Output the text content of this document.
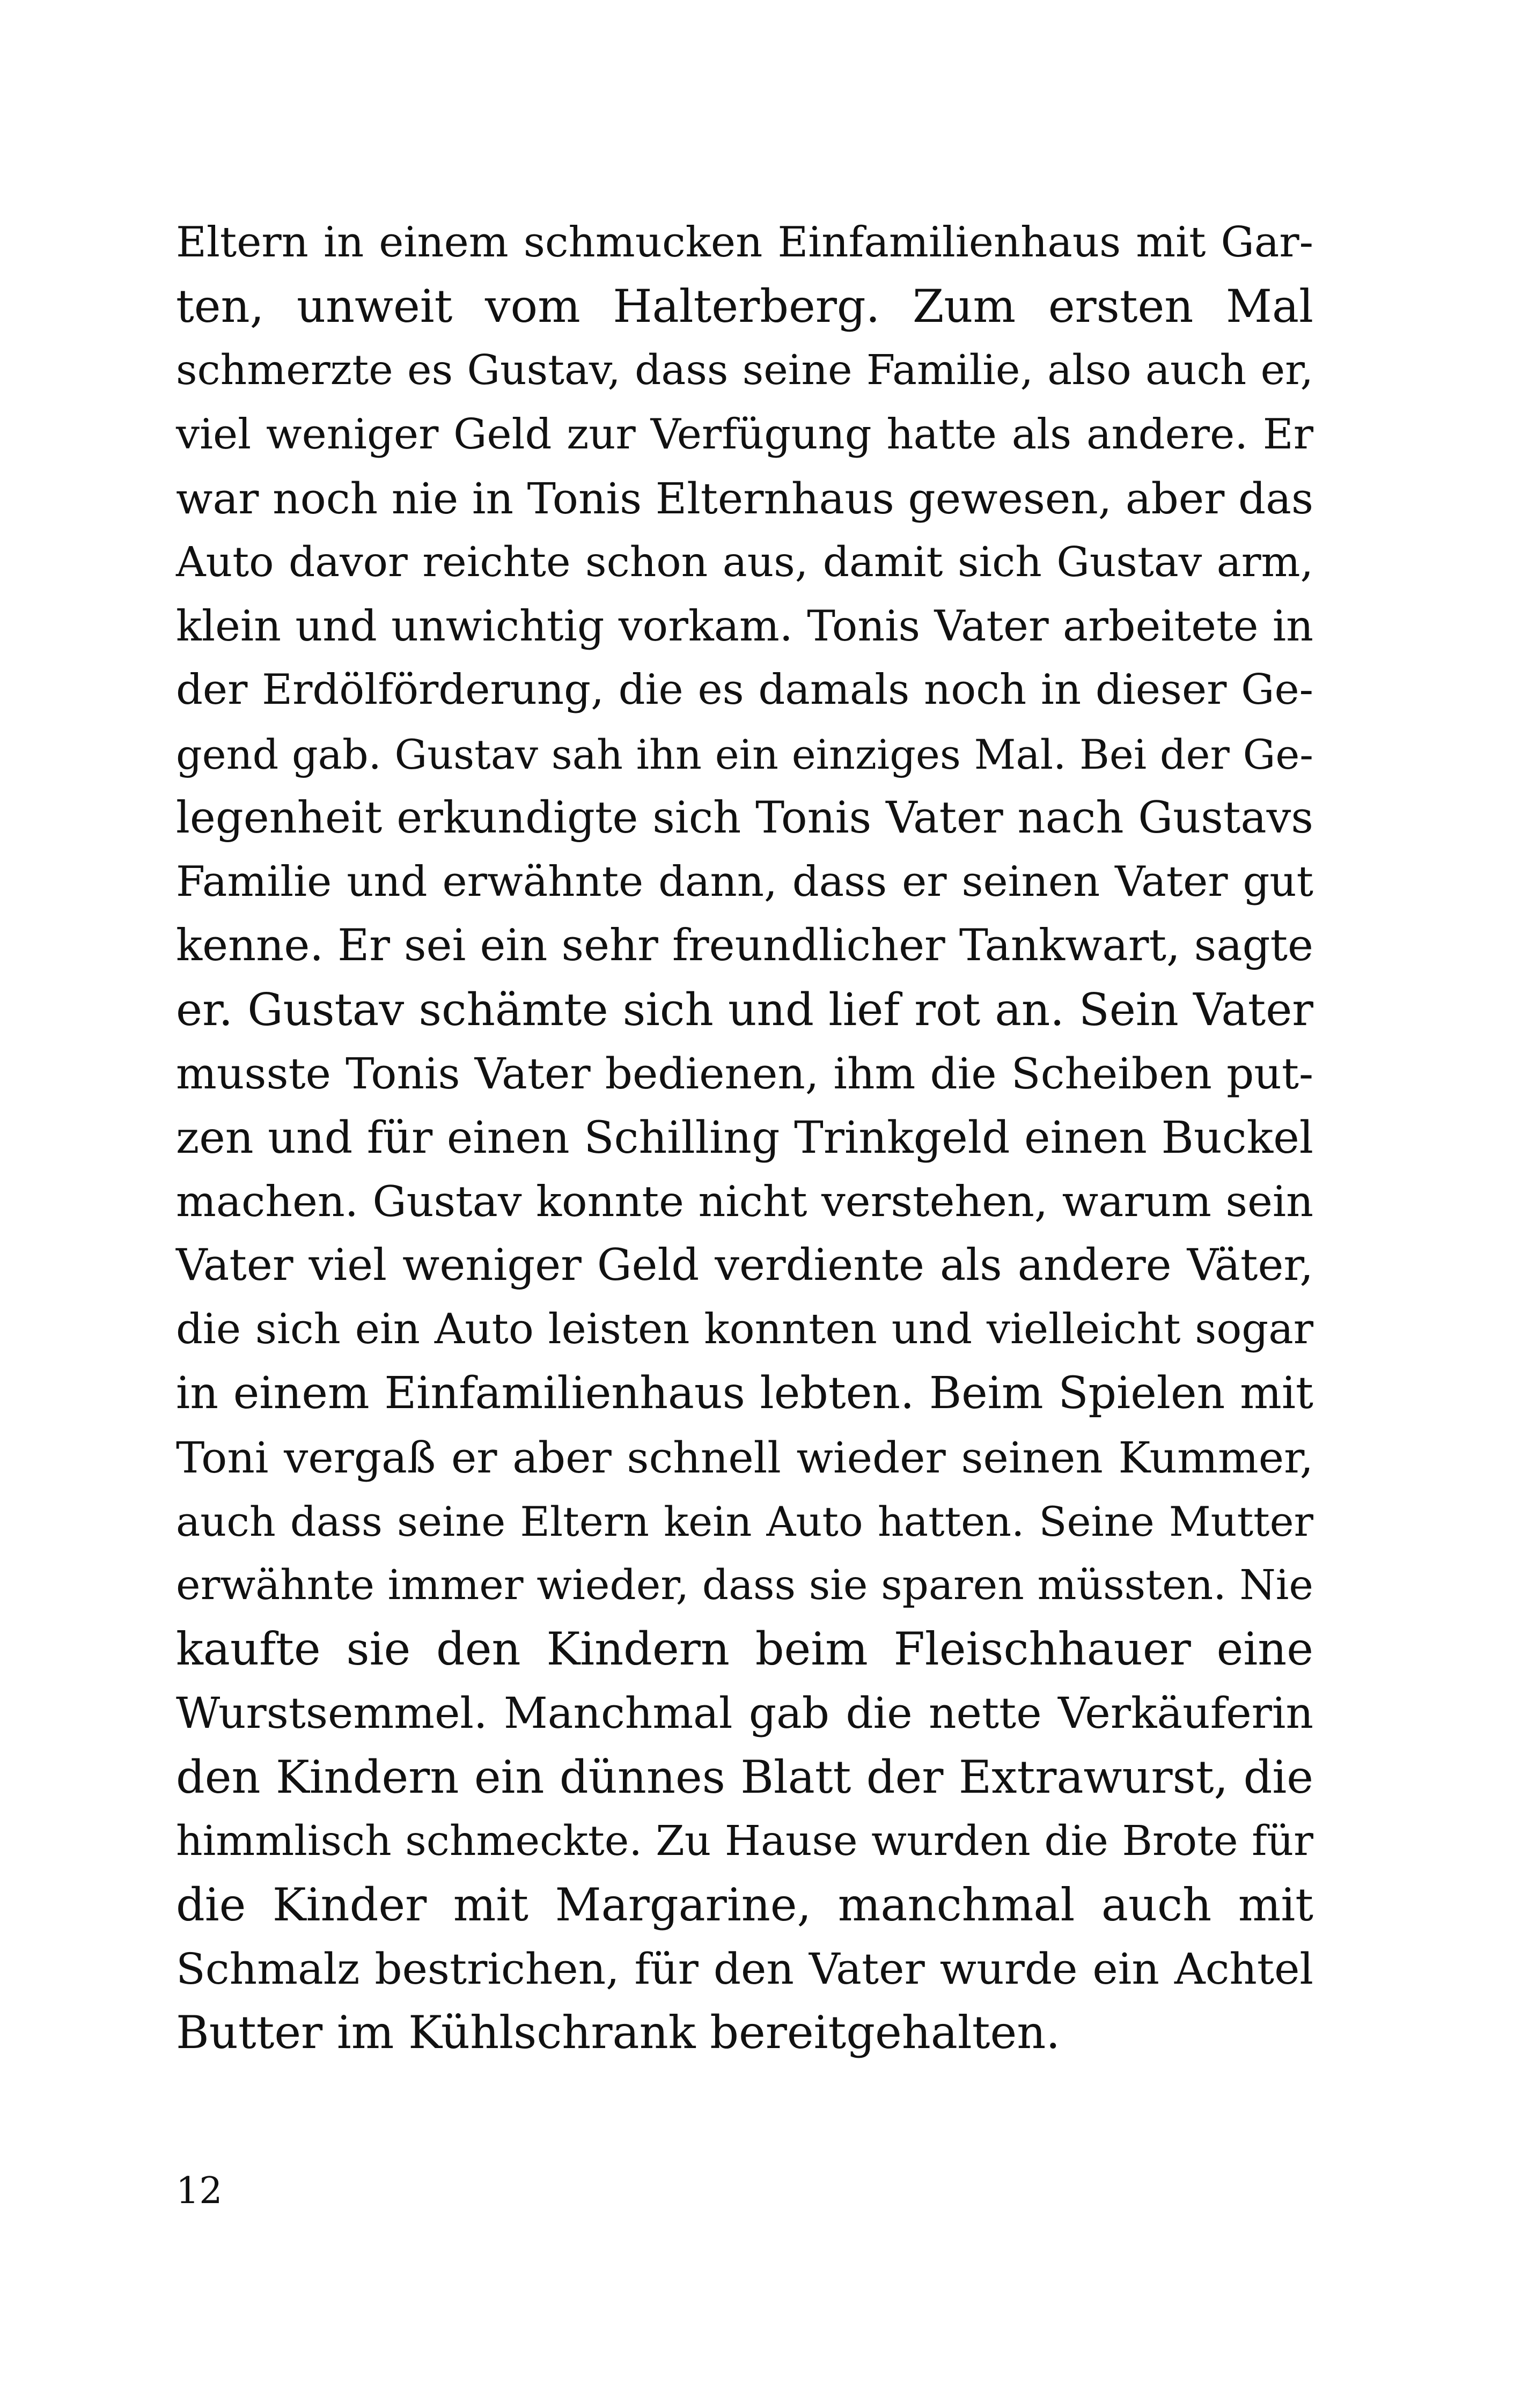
Eltern in einem schmucken Einfamilienhaus mit Gar-
ten, unweit vom Halterberg. Zum ersten Mal
schmerzte es Gustav, dass seine Familie, also auch er,
viel weniger Geld zur Verfügung hatte als andere. Er
war noch nie in Tonis Elternhaus gewesen, aber das
Auto davor reichte schon aus, damit sich Gustav arm,
klein und unwichtig vorkam. Tonis Vater arbeitete in
der Erdölförderung, die es damals noch in dieser Ge-
gend gab. Gustav sah ihn ein einziges Mal. Bei der Ge-
legenheit erkundigte sich Tonis Vater nach Gustavs
Familie und erwähnte dann, dass er seinen Vater gut
kenne. Er sei ein sehr freundlicher Tankwart, sagte
er. Gustav schämte sich und lief rot an. Sein Vater
musste Tonis Vater bedienen, ihm die Scheiben put-
zen und für einen Schilling Trinkgeld einen Buckel
machen. Gustav konnte nicht verstehen, warum sein
Vater viel weniger Geld verdiente als andere Väter,
die sich ein Auto leisten konnten und vielleicht sogar
in einem Einfamilienhaus lebten. Beim Spielen mit
Toni vergaß er aber schnell wieder seinen Kummer,
auch dass seine Eltern kein Auto hatten. Seine Mutter
erwähnte immer wieder, dass sie sparen müssten. Nie
kaufte sie den Kindern beim Fleischhauer eine
Wurstsemmel. Manchmal gab die nette Verkäuferin
den Kindern ein dünnes Blatt der Extrawurst, die
himmlisch schmeckte. Zu Hause wurden die Brote für
die Kinder mit Margarine, manchmal auch mit
Schmalz bestrichen, für den Vater wurde ein Achtel
Butter im Kühlschrank bereitgehalten.
12
